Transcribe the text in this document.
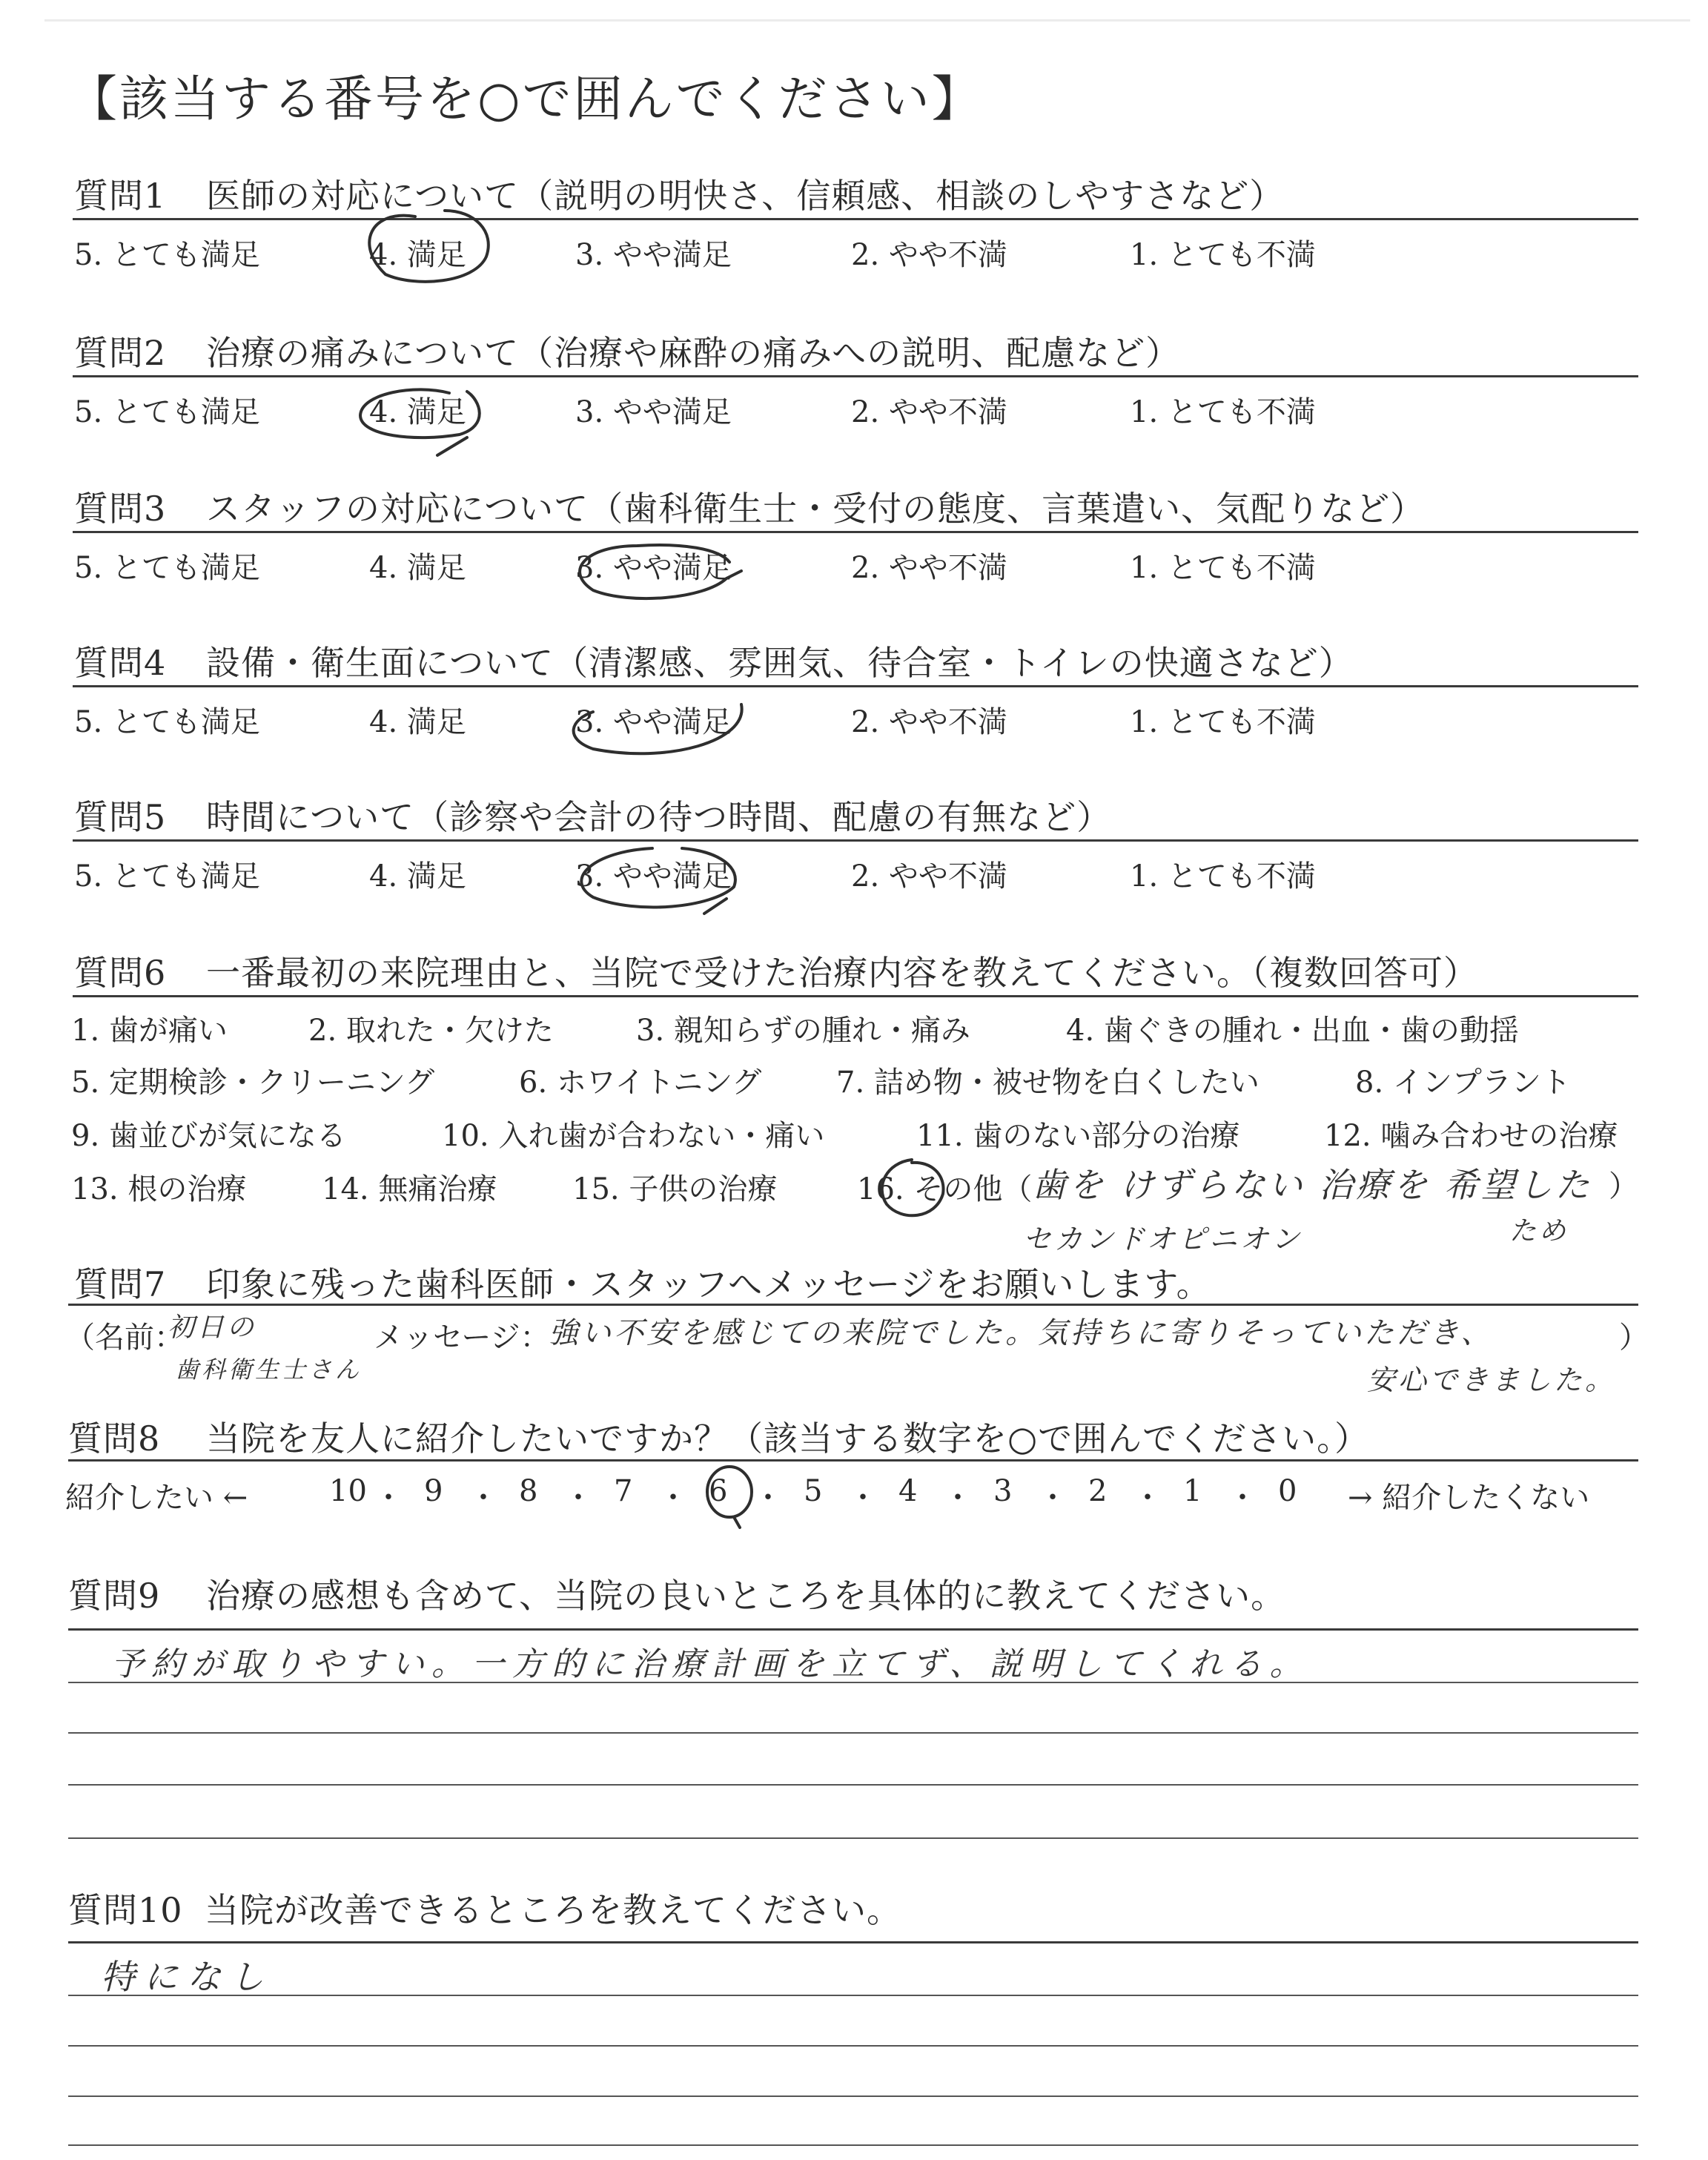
【該当する番号を○で囲んでください】
質問1 医師の対応について（説明の明快さ、信頼感、相談のしやすさなど）
5. とても満足	4. 満足	3. やや満足	2. やや不満	1. とても不満
質問2 治療の痛みについて（治療や麻酔の痛みへの説明、配慮など）
5. とても満足	4. 満足	3. やや満足	2. やや不満	1. とても不満
質問3 スタッフの対応について（歯科衛生士・受付の態度、言葉遣い、気配りなど）
5. とても満足	4. 満足	3. やや満足	2. やや不満	1. とても不満
質問4 設備・衛生面について（清潔感、雰囲気、待合室・トイレの快適さなど）
5. とても満足	4. 満足	3. やや満足	2. やや不満	1. とても不満
質問5 時間について（診察や会計の待つ時間、配慮の有無など）
5. とても満足	4. 満足	3. やや満足	2. やや不満	1. とても不満
質問6 一番最初の来院理由と、当院で受けた治療内容を教えてください。（複数回答可）
1. 歯が痛い	2. 取れた・欠けた	3. 親知らずの腫れ・痛み	4. 歯ぐきの腫れ・出血・歯の動揺
5. 定期検診・クリーニング	6. ホワイトニング	7. 詰め物・被せ物を白くしたい	8. インプラント
9. 歯並びが気になる	10. 入れ歯が合わない・痛い	11. 歯のない部分の治療	12. 噛み合わせの治療
13. 根の治療	14. 無痛治療	15. 子供の治療	16. その他（ 歯を けずらない 治療を 希望した ）
セカンドオピニオン	ため
質問7 印象に残った歯科医師・スタッフへメッセージをお願いします。
（名前：
初日の
歯科衛生士さん
メッセージ：
強い不安を感じての来院でした。気持ちに寄りそっていただき、	）
安心できました。
質問8 当院を友人に紹介したいですか？（該当する数字を○で囲んでください。）
紹介したい ←	10 ・ 9 ・ 8 ・ 7 ・ 6 ・ 5 ・ 4 ・ 3 ・ 2 ・ 1 ・ 0 → 紹介したくない
質問9 治療の感想も含めて、当院の良いところを具体的に教えてください。
予約が取りやすい。一方的に治療計画を立てず、説明してくれる。
質問10 当院が改善できるところを教えてください。
特になし
